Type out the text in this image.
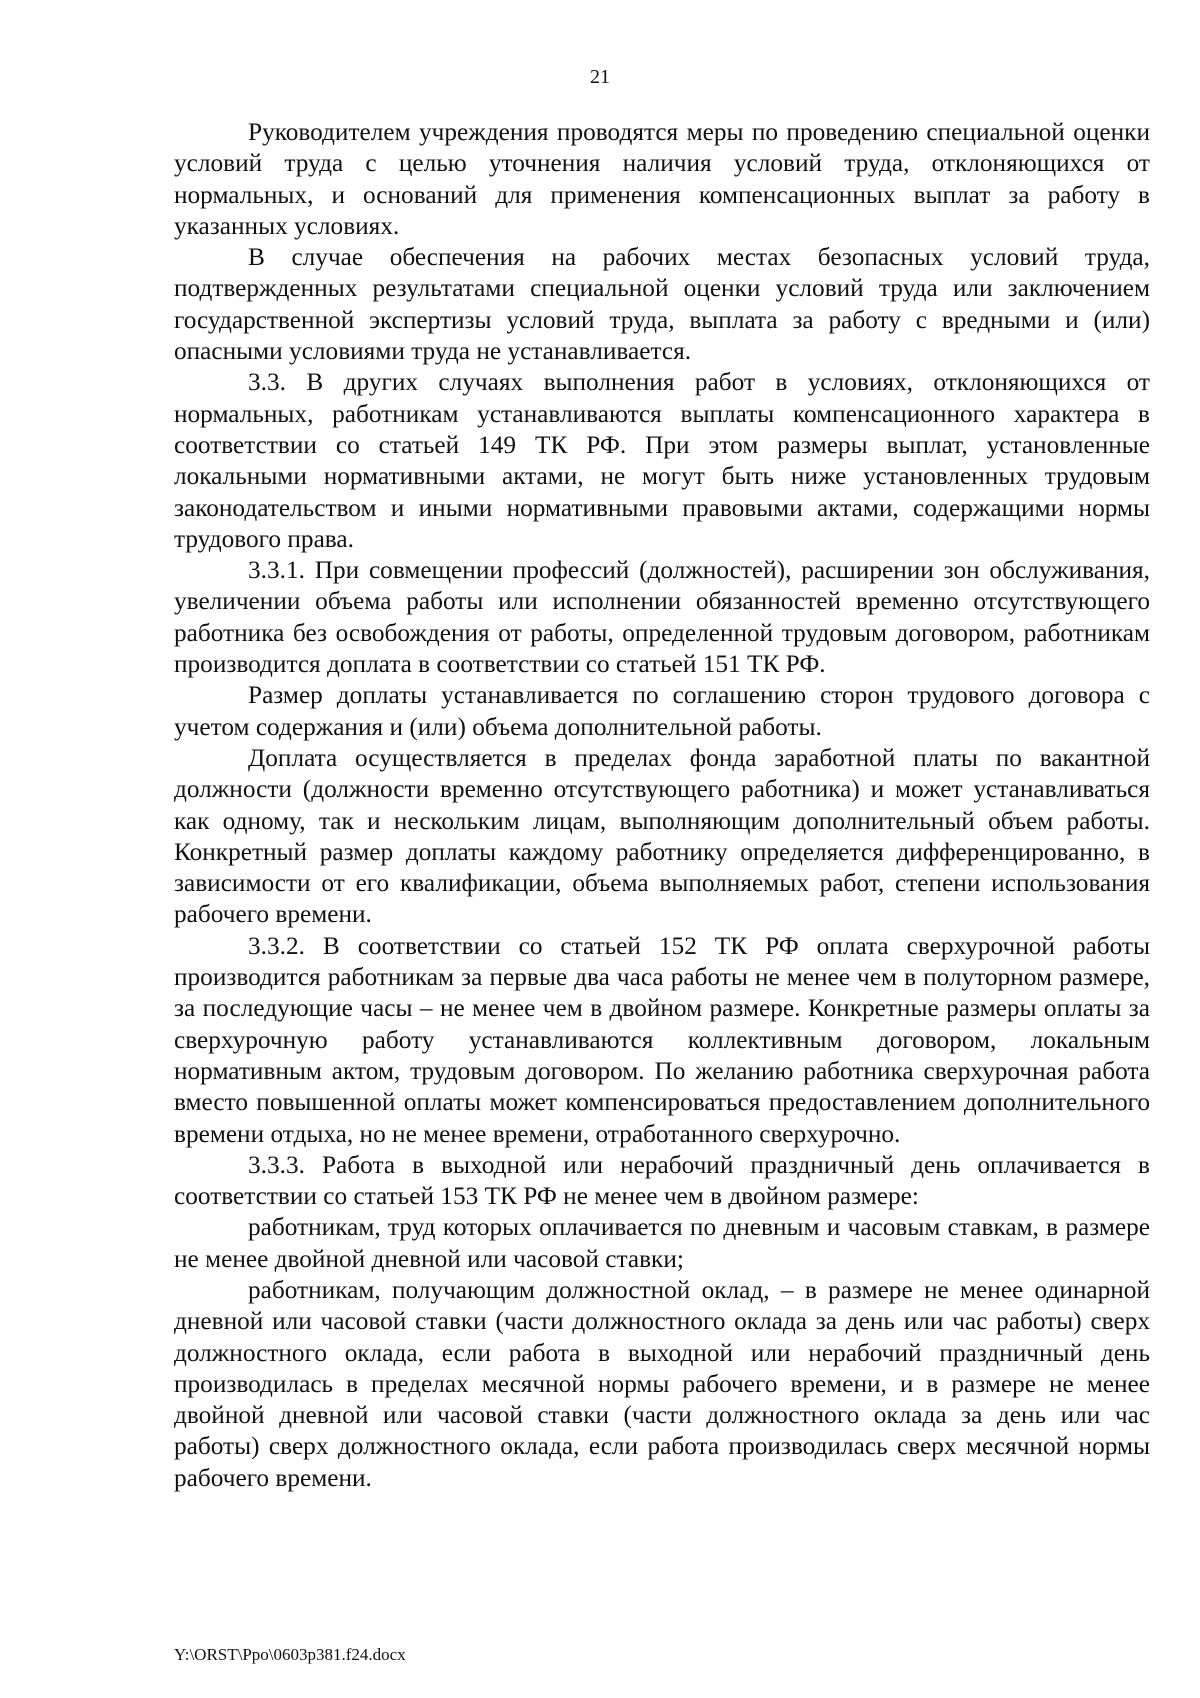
21

Руководителем учреждения проводятся меры по проведению специальной оценки условий труда с целью уточнения наличия условий труда, отклоняющихся от нормальных, и оснований для применения компенсационных выплат за работу в указанных условиях.

В случае обеспечения на рабочих местах безопасных условий труда, подтвержденных результатами специальной оценки условий труда или заключением государственной экспертизы условий труда, выплата за работу с вредными и (или) опасными условиями труда не устанавливается.

3.3. В других случаях выполнения работ в условиях, отклоняющихся от нормальных, работникам устанавливаются выплаты компенсационного характера в соответствии со статьей 149 ТК РФ. При этом размеры выплат, установленные локальными нормативными актами, не могут быть ниже установленных трудовым законодательством и иными нормативными правовыми актами, содержащими нормы трудового права.

3.3.1. При совмещении профессий (должностей), расширении зон обслуживания, увеличении объема работы или исполнении обязанностей временно отсутствующего работника без освобождения от работы, определенной трудовым договором, работникам производится доплата в соответствии со статьей 151 ТК РФ.

Размер доплаты устанавливается по соглашению сторон трудового договора с учетом содержания и (или) объема дополнительной работы.

Доплата осуществляется в пределах фонда заработной платы по вакантной должности (должности временно отсутствующего работника) и может устанавливаться как одному, так и нескольким лицам, выполняющим дополнительный объем работы. Конкретный размер доплаты каждому работнику определяется дифференцированно, в зависимости от его квалификации, объема выполняемых работ, степени использования рабочего времени.

3.3.2. В соответствии со статьей 152 ТК РФ оплата сверхурочной работы производится работникам за первые два часа работы не менее чем в полуторном размере, за последующие часы – не менее чем в двойном размере. Конкретные размеры оплаты за сверхурочную работу устанавливаются коллективным договором, локальным нормативным актом, трудовым договором. По желанию работника сверхурочная работа вместо повышенной оплаты может компенсироваться предоставлением дополнительного времени отдыха, но не менее времени, отработанного сверхурочно.

3.3.3. Работа в выходной или нерабочий праздничный день оплачивается в соответствии со статьей 153 ТК РФ не менее чем в двойном размере:

работникам, труд которых оплачивается по дневным и часовым ставкам, в размере не менее двойной дневной или часовой ставки;

работникам, получающим должностной оклад, – в размере не менее одинарной дневной или часовой ставки (части должностного оклада за день или час работы) сверх должностного оклада, если работа в выходной или нерабочий праздничный день производилась в пределах месячной нормы рабочего времени, и в размере не менее двойной дневной или часовой ставки (части должностного оклада за день или час работы) сверх должностного оклада, если работа производилась сверх месячной нормы рабочего времени.

Y:\ORST\Ppo\0603p381.f24.docx
